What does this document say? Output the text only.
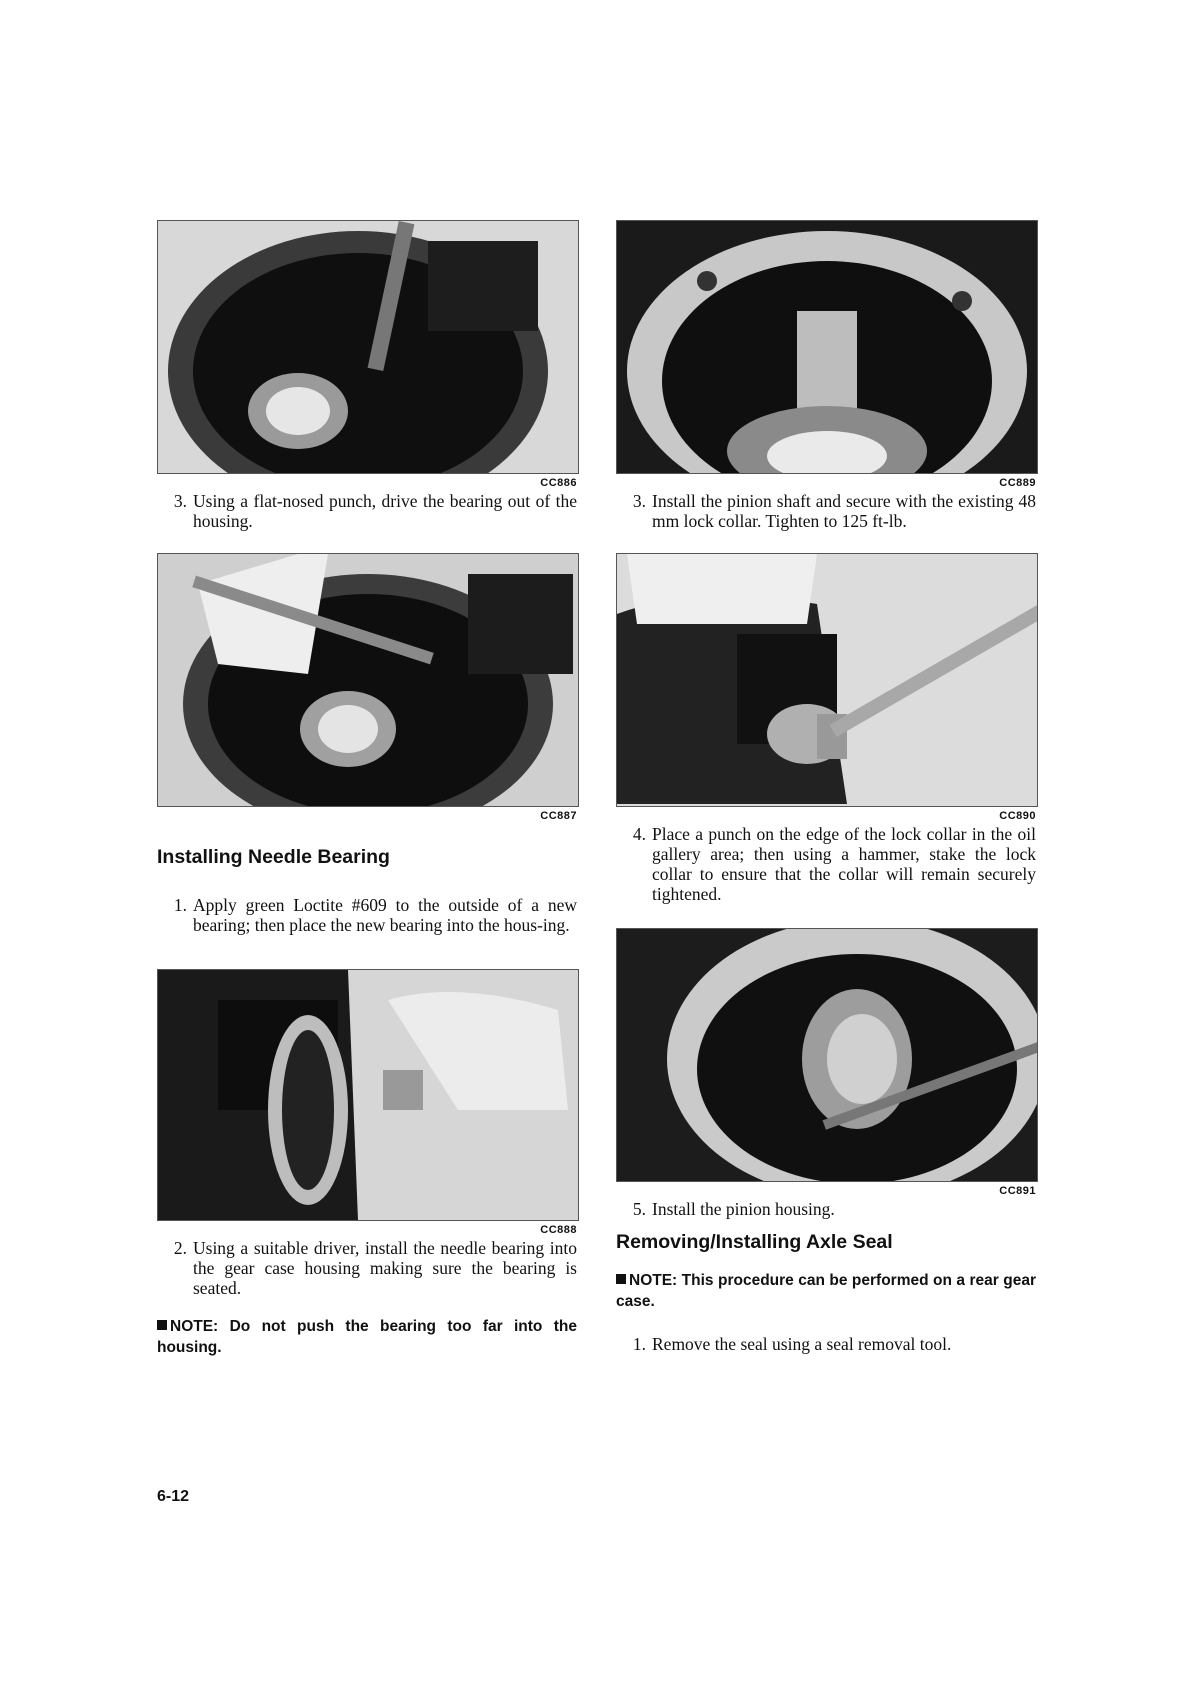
CC886
3. Using a flat-nosed punch, drive the bearing out of the housing.
CC887
Installing Needle Bearing
1. Apply green Loctite #609 to the outside of a new bearing; then place the new bearing into the hous-ing.
CC888
2. Using a suitable driver, install the needle bearing into the gear case housing making sure the bearing is seated.
NOTE: Do not push the bearing too far into the housing.
CC889
3. Install the pinion shaft and secure with the existing 48 mm lock collar. Tighten to 125 ft-lb.
CC890
4. Place a punch on the edge of the lock collar in the oil gallery area; then using a hammer, stake the lock collar to ensure that the collar will remain securely tightened.
CC891
5. Install the pinion housing.
Removing/Installing Axle Seal
NOTE: This procedure can be performed on a rear gear case.
1. Remove the seal using a seal removal tool.
6-12
